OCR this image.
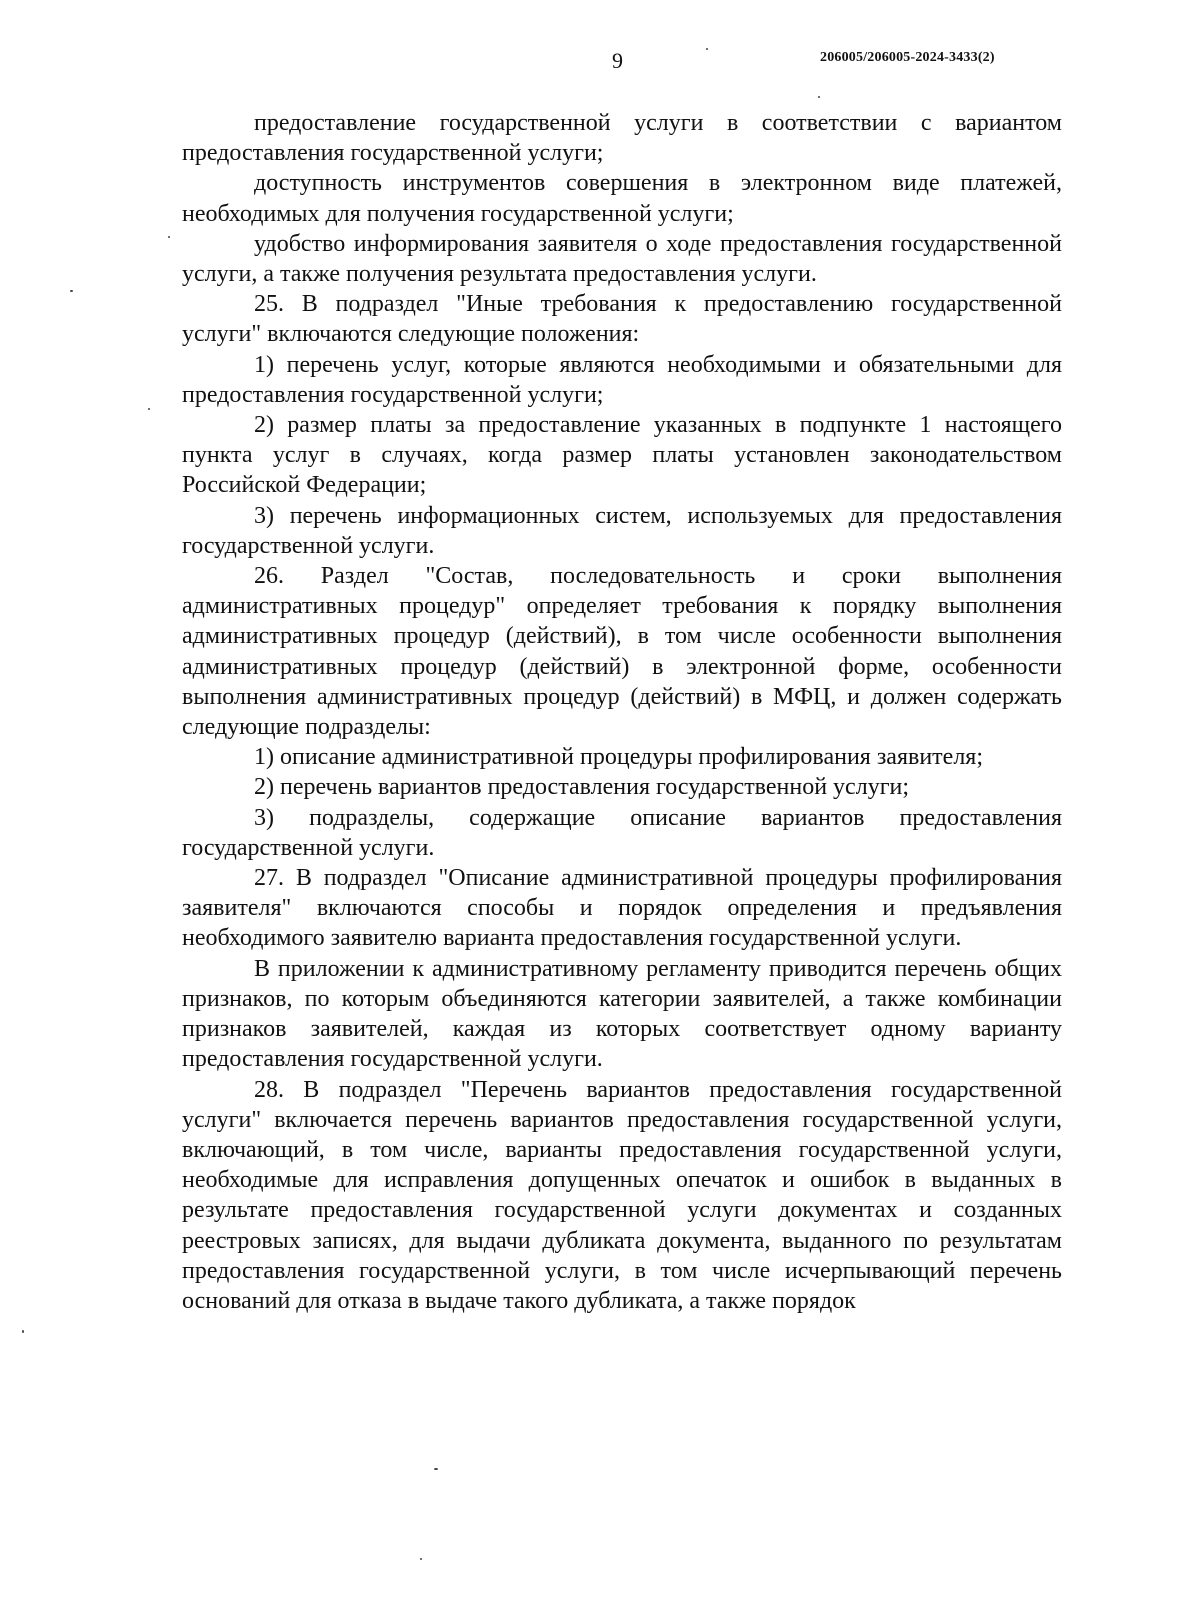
9	206005/206005-2024-3433(2)

предоставление государственной услуги в соответствии с вариантом предоставления государственной услуги;

доступность инструментов совершения в электронном виде платежей, необходимых для получения государственной услуги;

удобство информирования заявителя о ходе предоставления государственной услуги, а также получения результата предоставления услуги.

25. В подраздел "Иные требования к предоставлению государственной услуги" включаются следующие положения:

1) перечень услуг, которые являются необходимыми и обязательными для предоставления государственной услуги;

2) размер платы за предоставление указанных в подпункте 1 настоящего пункта услуг в случаях, когда размер платы установлен законодательством Российской Федерации;

3) перечень информационных систем, используемых для предоставления государственной услуги.

26. Раздел "Состав, последовательность и сроки выполнения административных процедур" определяет требования к порядку выполнения административных процедур (действий), в том числе особенности выполнения административных процедур (действий) в электронной форме, особенности выполнения административных процедур (действий) в МФЦ, и должен содержать следующие подразделы:

1) описание административной процедуры профилирования заявителя;

2) перечень вариантов предоставления государственной услуги;

3) подразделы, содержащие описание вариантов предоставления государственной услуги.

27. В подраздел "Описание административной процедуры профилирования заявителя" включаются способы и порядок определения и предъявления необходимого заявителю варианта предоставления государственной услуги.

В приложении к административному регламенту приводится перечень общих признаков, по которым объединяются категории заявителей, а также комбинации признаков заявителей, каждая из которых соответствует одному варианту предоставления государственной услуги.

28. В подраздел "Перечень вариантов предоставления государственной услуги" включается перечень вариантов предоставления государственной услуги, включающий, в том числе, варианты предоставления государственной услуги, необходимые для исправления допущенных опечаток и ошибок в выданных в результате предоставления государственной услуги документах и созданных реестровых записях, для выдачи дубликата документа, выданного по результатам предоставления государственной услуги, в том числе исчерпывающий перечень оснований для отказа в выдаче такого дубликата, а также порядок
